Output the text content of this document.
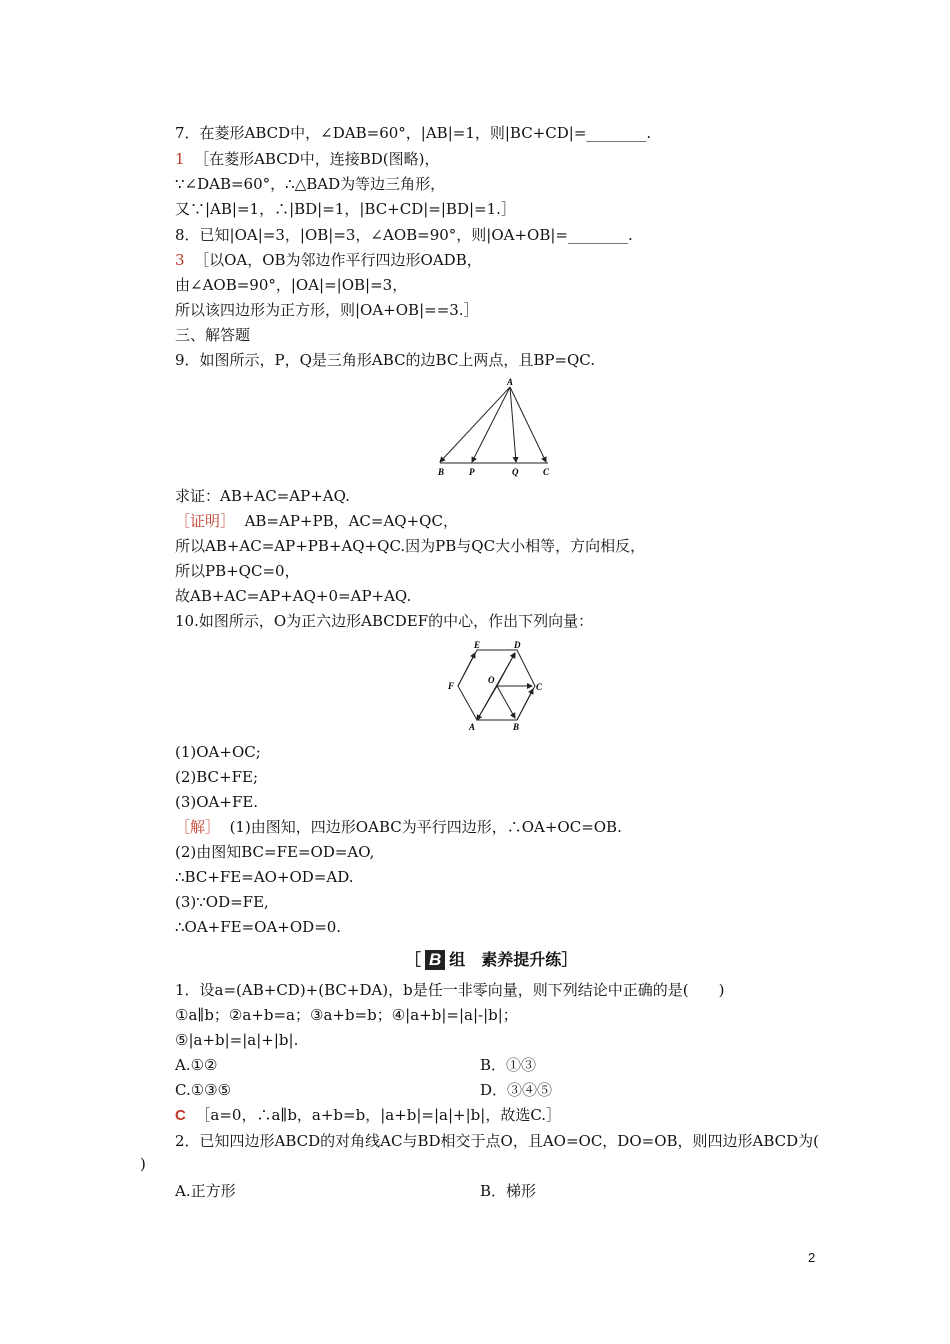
7．在菱形ABCD中，∠DAB=60°，|AB|=1，则|BC+CD|=________.
1 ［在菱形ABCD中，连接BD(图略)，
∵∠DAB=60°，∴△BAD为等边三角形，
又∵|AB|=1，∴|BD|=1，|BC+CD|=|BD|=1.］
8．已知|OA|=3，|OB|=3，∠AOB=90°，则|OA+OB|=________.
3 ［以OA，OB为邻边作平行四边形OADB，
由∠AOB=90°，|OA|=|OB|=3，
所以该四边形为正方形，则|OA+OB|==3.］
三、解答题
9．如图所示，P，Q是三角形ABC的边BC上两点，且BP=QC.
A
B	P	Q	C
求证：AB+AC=AP+AQ.
［证明］ AB=AP+PB，AC=AQ+QC，
所以AB+AC=AP+PB+AQ+QC.因为PB与QC大小相等，方向相反，
所以PB+QC=0，
故AB+AC=AP+AQ+0=AP+AQ.
10.如图所示，O为正六边形ABCDEF的中心，作出下列向量：
E	D
F
O
C
A	B
(1)OA+OC;
(2)BC+FE;
(3)OA+FE.
［解］ (1)由图知，四边形OABC为平行四边形，∴OA+OC=OB.
(2)由图知BC=FE=OD=AO,
∴BC+FE=AO+OD=AD.
(3)∵OD=FE,
∴OA+FE=OA+OD=0.
［ B 组　素养提升练］
1．设a=(AB+CD)+(BC+DA)，b是任一非零向量，则下列结论中正确的是(　　)
①a∥b；②a+b=a；③a+b=b；④|a+b|=|a|-|b|；
⑤|a+b|=|a|+|b|.
A.①②	B．①③
C.①③⑤	D．③④⑤
C ［a=0，∴a∥b，a+b=b，|a+b|=|a|+|b|，故选C.］
2．已知四边形ABCD的对角线AC与BD相交于点O，且AO=OC，DO=OB，则四边形ABCD为(
)
A.正方形	B．梯形
2
